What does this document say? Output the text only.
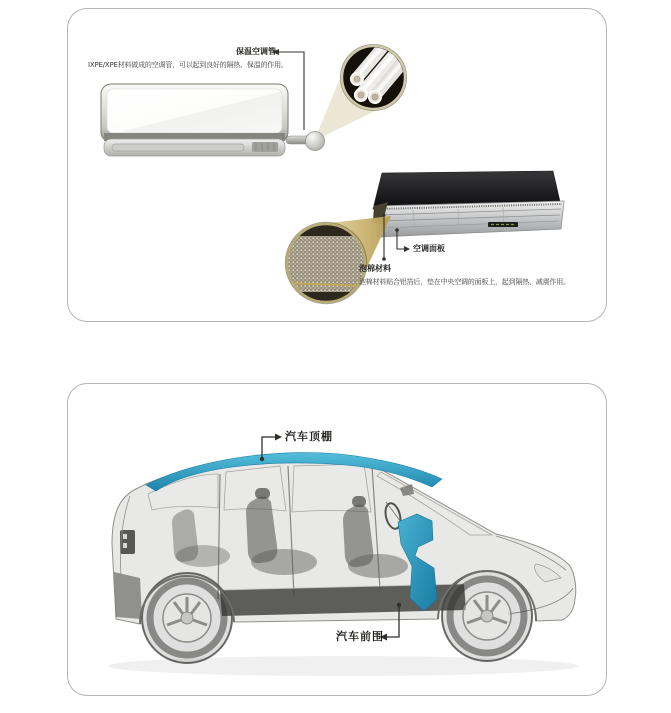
保温空调管
IXPE/XPE材料做成的空调管，可以起到良好的隔热、保温的作用。
空调面板
泡棉材料
泡棉材料贴合铝箔后，垫在中央空调的面板上，起到隔热、减震作用。
汽车顶棚
汽车前围
